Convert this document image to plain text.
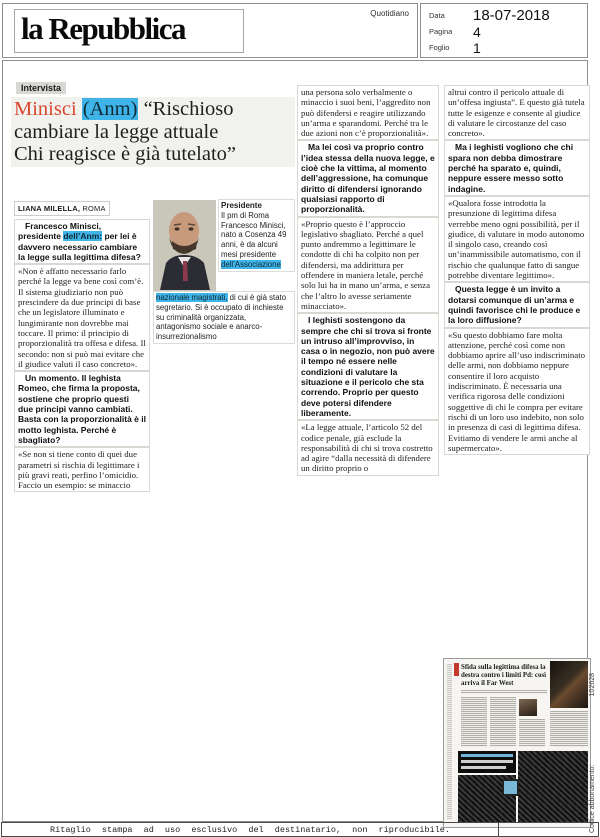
la Repubblica	Quotidiano	Data 18-07-2018
Pagina 4
Foglio 1
Intervista
Minisci (Anm) “Rischioso
cambiare la legge attuale
Chi reagisce è già tutelato”
LIANA MILELLA, ROMA
Francesco Minisci, presidente dell’Anm: per lei è davvero necessario cambiare la legge sulla legittima difesa?
«Non è affatto necessario farlo perché la legge va bene così com’è. Il sistema giudiziario non può prescindere da due principi di base che un legislatore illuminato e lungimirante non dovrebbe mai toccare. Il primo: il principio di proporzionalità tra offesa e difesa. Il secondo: non si può mai evitare che il giudice valuti il caso concreto».
Un momento. Il leghista Romeo, che firma la proposta, sostiene che proprio questi due principi vanno cambiati. Basta con la proporzionalità è il motto leghista. Perché è sbagliato?
«Se non si tiene conto di quei due parametri si rischia di legittimare i più gravi reati, perfino l’omicidio. Faccio un esempio: se minaccio
Presidente
Il pm di Roma Francesco Minisci, nato a Cosenza 49 anni, è da alcuni mesi presidente dell’Associazione
nazionale magistrati, di cui è già stato segretario. Si è occupato di inchieste su criminalità organizzata, antagonismo sociale e anarco-insurrezionalismo
una persona solo verbalmente o minaccio i suoi beni, l’aggredito non può difendersi e reagire utilizzando un’arma e sparandomi. Perché tra le due azioni non c’è proporzionalità».
Ma lei così va proprio contro l’idea stessa della nuova legge, e cioè che la vittima, al momento dell’aggressione, ha comunque diritto di difendersi ignorando qualsiasi rapporto di proporzionalità.
«Proprio questo è l’approccio legislativo sbagliato. Perché a quel punto andremmo a legittimare le condotte di chi ha colpito non per difendersi, ma addirittura per offendere in maniera letale, perché solo lui ha in mano un’arma, e senza che l’altro lo avesse seriamente minacciato».
I leghisti sostengono da sempre che chi si trova si fronte un intruso all’improvviso, in casa o in negozio, non può avere il tempo né essere nelle condizioni di valutare la situazione e il pericolo che sta correndo. Proprio per questo deve potersi difendere liberamente.
«La legge attuale, l’articolo 52 del codice penale, già esclude la responsabilità di chi si trova costretto ad agire “dalla necessità di difendere un diritto proprio o
altrui contro il pericolo attuale di un’offesa ingiusta”. E questo già tutela tutte le esigenze e consente al giudice di valutare le circostanze del caso concreto».
Ma i leghisti vogliono che chi spara non debba dimostrare perché ha sparato e, quindi, neppure essere messo sotto indagine.
«Qualora fosse introdotta la presunzione di legittima difesa verrebbe meno ogni possibilità, per il giudice, di valutare in modo autonomo il singolo caso, creando così un’inammissibile automatismo, con il rischio che qualunque fatto di sangue potrebbe diventare legittimo».
Questa legge è un invito a dotarsi comunque di un’arma e quindi favorisce chi le produce e la loro diffusione?
«Su questo dobbiamo fare molta attenzione, perché così come non dobbiamo aprire all’uso indiscriminato delle armi, non dobbiamo neppure consentire il loro acquisto indiscriminato. È necessaria una verifica rigorosa delle condizioni soggettive di chi le compra per evitare rischi di un loro uso indebito, non solo in presenza di casi di legittima difesa. Evitiamo di vendere le armi anche al supermercato».
Sfida sulla legittima difesa la destra contro i limiti Pd: così arriva il Far West
Codice abbonamento:
102628
Ritaglio stampa ad uso esclusivo del destinatario, non riproducibile.
